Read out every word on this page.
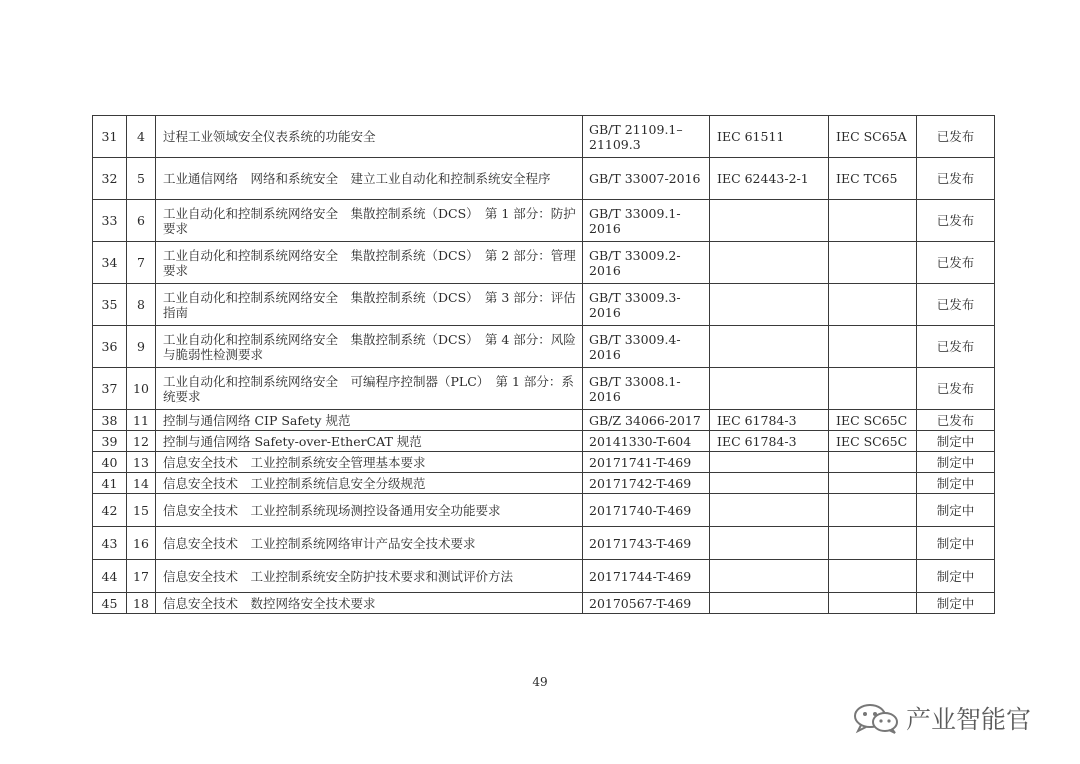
31	4	过程工业领域安全仪表系统的功能安全	GB/T 21109.1–21109.3	IEC 61511	IEC SC65A	已发布
32	5	工业通信网络　网络和系统安全　建立工业自动化和控制系统安全程序	GB/T 33007-2016	IEC 62443-2-1	IEC TC65	已发布
33	6	工业自动化和控制系统网络安全　集散控制系统（DCS）　第 1 部分：防护要求	GB/T 33009.1-2016			已发布
34	7	工业自动化和控制系统网络安全　集散控制系统（DCS）　第 2 部分：管理要求	GB/T 33009.2-2016			已发布
35	8	工业自动化和控制系统网络安全　集散控制系统（DCS）　第 3 部分：评估指南	GB/T 33009.3-2016			已发布
36	9	工业自动化和控制系统网络安全　集散控制系统（DCS）　第 4 部分：风险与脆弱性检测要求	GB/T 33009.4-2016			已发布
37	10	工业自动化和控制系统网络安全　可编程序控制器（PLC）　第 1 部分：系统要求	GB/T 33008.1-2016			已发布
38	11	控制与通信网络 CIP Safety 规范	GB/Z 34066-2017	IEC 61784-3	IEC SC65C	已发布
39	12	控制与通信网络 Safety-over-EtherCAT 规范	20141330-T-604	IEC 61784-3	IEC SC65C	制定中
40	13	信息安全技术　工业控制系统安全管理基本要求	20171741-T-469			制定中
41	14	信息安全技术　工业控制系统信息安全分级规范	20171742-T-469			制定中
42	15	信息安全技术　工业控制系统现场测控设备通用安全功能要求	20171740-T-469			制定中
43	16	信息安全技术　工业控制系统网络审计产品安全技术要求	20171743-T-469			制定中
44	17	信息安全技术　工业控制系统安全防护技术要求和测试评价方法	20171744-T-469			制定中
45	18	信息安全技术　数控网络安全技术要求	20170567-T-469			制定中
49
产业智能官
